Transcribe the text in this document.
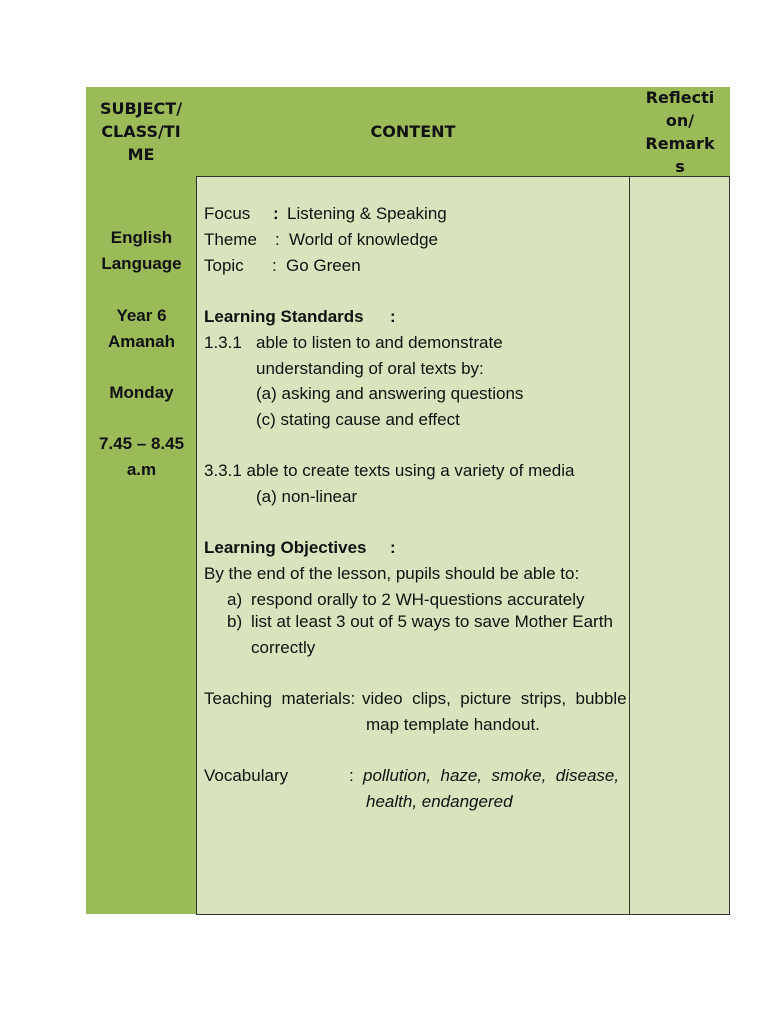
SUBJECT/
CLASS/TI
ME
CONTENT
Reflecti
on/
Remark
s
English
Language
Year 6
Amanah
Monday
7.45 – 8.45
a.m
Focus : Listening & Speaking
Theme : World of knowledge
Topic : Go Green
Learning Standards :
1.3.1 able to listen to and demonstrate
understanding of oral texts by:
(a) asking and answering questions
(c) stating cause and effect
3.3.1 able to create texts using a variety of media
(a) non-linear
Learning Objectives :
By the end of the lesson, pupils should be able to:
a) respond orally to 2 WH-questions accurately
b) list at least 3 out of 5 ways to save Mother Earth
correctly
Teaching  materials: video  clips,  picture  strips,  bubble
map template handout.
Vocabulary	: pollution,  haze,  smoke,  disease,
health, endangered
